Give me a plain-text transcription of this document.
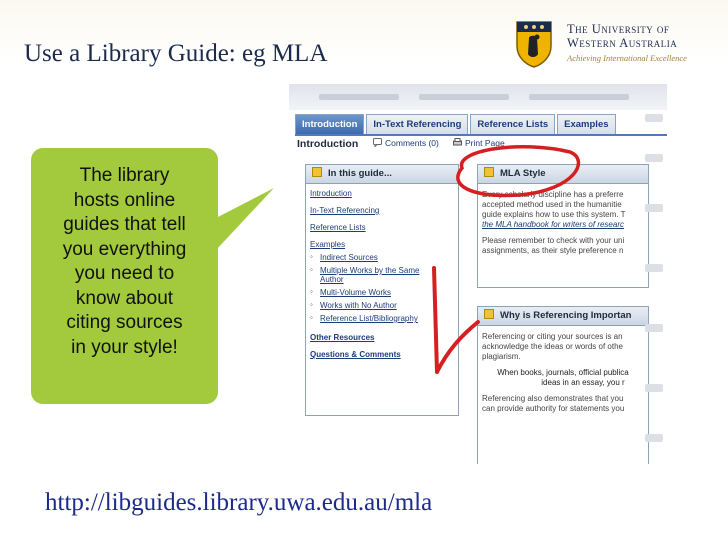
Use a Library Guide: eg MLA
The University of
Western Australia
Achieving International Excellence
Introduction	In-Text Referencing	Reference Lists	Examples
Introduction	Comments (0)	Print Page
In this guide...
Introduction
In-Text Referencing
Reference Lists
Examples
◦ Indirect Sources
◦ Multiple Works by the Same Author
◦ Multi-Volume Works
◦ Works with No Author
◦ Reference List/Bibliography
Other Resources
Questions & Comments
MLA Style
Every scholarly discipline has a preferre
accepted method used in the humanitie
guide explains how to use this system. T

the MLA handbook for writers of researc

Please remember to check with your uni
assignments, as their style preference n
Why is Referencing Importan
Referencing or citing your sources is an
acknowledge the ideas or words of othe

plagiarism.

When books, journals, official publica

ideas in an essay, you r

Referencing also demonstrates that you
can provide authority for statements you
The library
hosts online
guides that tell
you everything
you need to
know about
citing sources
in your style!
http://libguides.library.uwa.edu.au/mla
